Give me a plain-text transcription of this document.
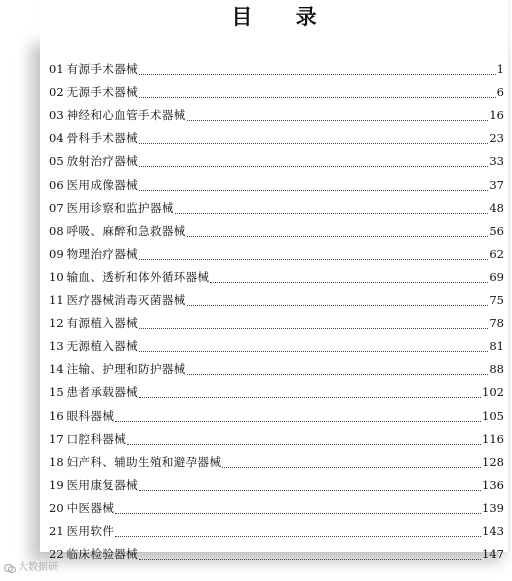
目 录
01 有源手术器械	1
02 无源手术器械	6
03 神经和心血管手术器械	16
04 骨科手术器械	23
05 放射治疗器械	33
06 医用成像器械	37
07 医用诊察和监护器械	48
08 呼吸、麻醉和急救器械	56
09 物理治疗器械	62
10 输血、透析和体外循环器械	69
11 医疗器械消毒灭菌器械	75
12 有源植入器械	78
13 无源植入器械	81
14 注输、护理和防护器械	88
15 患者承载器械	102
16 眼科器械	105
17 口腔科器械	116
18 妇产科、辅助生殖和避孕器械	128
19 医用康复器械	136
20 中医器械	139
21 医用软件	143
22 临床检验器械	147
大数据研
